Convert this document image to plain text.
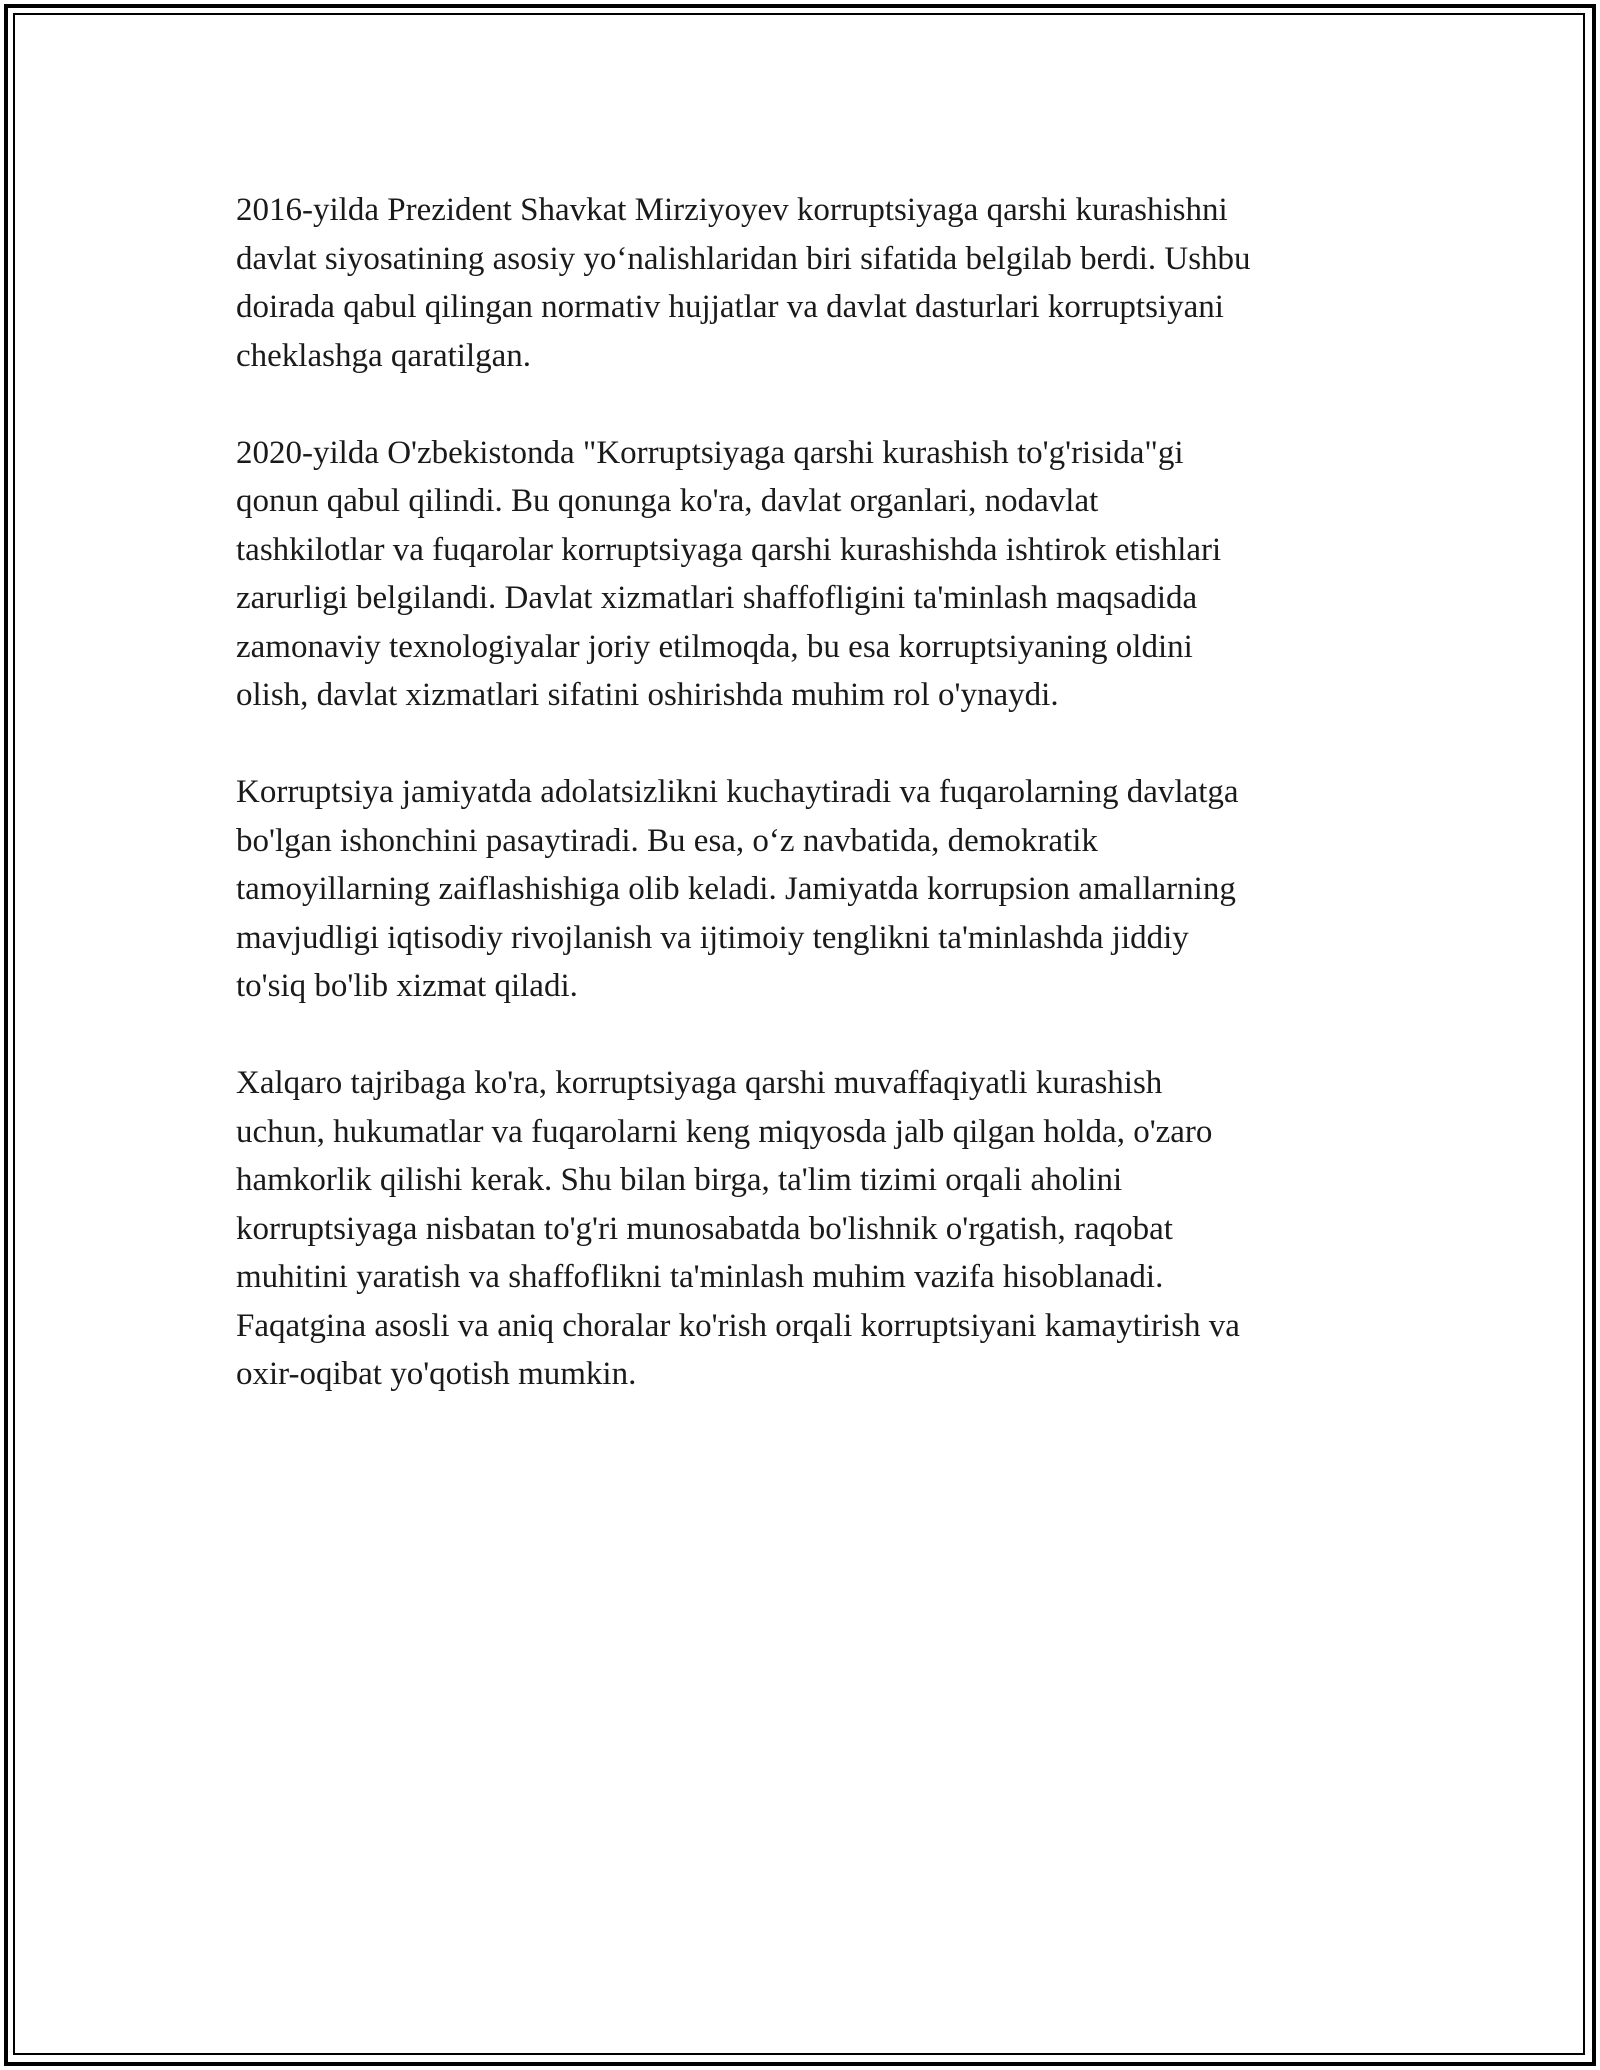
2016-yilda Prezident Shavkat Mirziyoyev korruptsiyaga qarshi kurashishni
davlat siyosatining asosiy yo‘nalishlaridan biri sifatida belgilab berdi. Ushbu
doirada qabul qilingan normativ hujjatlar va davlat dasturlari korruptsiyani
cheklashga qaratilgan.

2020-yilda O'zbekistonda "Korruptsiyaga qarshi kurashish to'g'risida"gi
qonun qabul qilindi. Bu qonunga ko'ra, davlat organlari, nodavlat
tashkilotlar va fuqarolar korruptsiyaga qarshi kurashishda ishtirok etishlari
zarurligi belgilandi. Davlat xizmatlari shaffofligini ta'minlash maqsadida
zamonaviy texnologiyalar joriy etilmoqda, bu esa korruptsiyaning oldini
olish, davlat xizmatlari sifatini oshirishda muhim rol o'ynaydi.

Korruptsiya jamiyatda adolatsizlikni kuchaytiradi va fuqarolarning davlatga
bo'lgan ishonchini pasaytiradi. Bu esa, o‘z navbatida, demokratik
tamoyillarning zaiflashishiga olib keladi. Jamiyatda korrupsion amallarning
mavjudligi iqtisodiy rivojlanish va ijtimoiy tenglikni ta'minlashda jiddiy
to'siq bo'lib xizmat qiladi.

Xalqaro tajribaga ko'ra, korruptsiyaga qarshi muvaffaqiyatli kurashish
uchun, hukumatlar va fuqarolarni keng miqyosda jalb qilgan holda, o'zaro
hamkorlik qilishi kerak. Shu bilan birga, ta'lim tizimi orqali aholini
korruptsiyaga nisbatan to'g'ri munosabatda bo'lishnik o'rgatish, raqobat
muhitini yaratish va shaffoflikni ta'minlash muhim vazifa hisoblanadi.
Faqatgina asosli va aniq choralar ko'rish orqali korruptsiyani kamaytirish va
oxir-oqibat yo'qotish mumkin.
